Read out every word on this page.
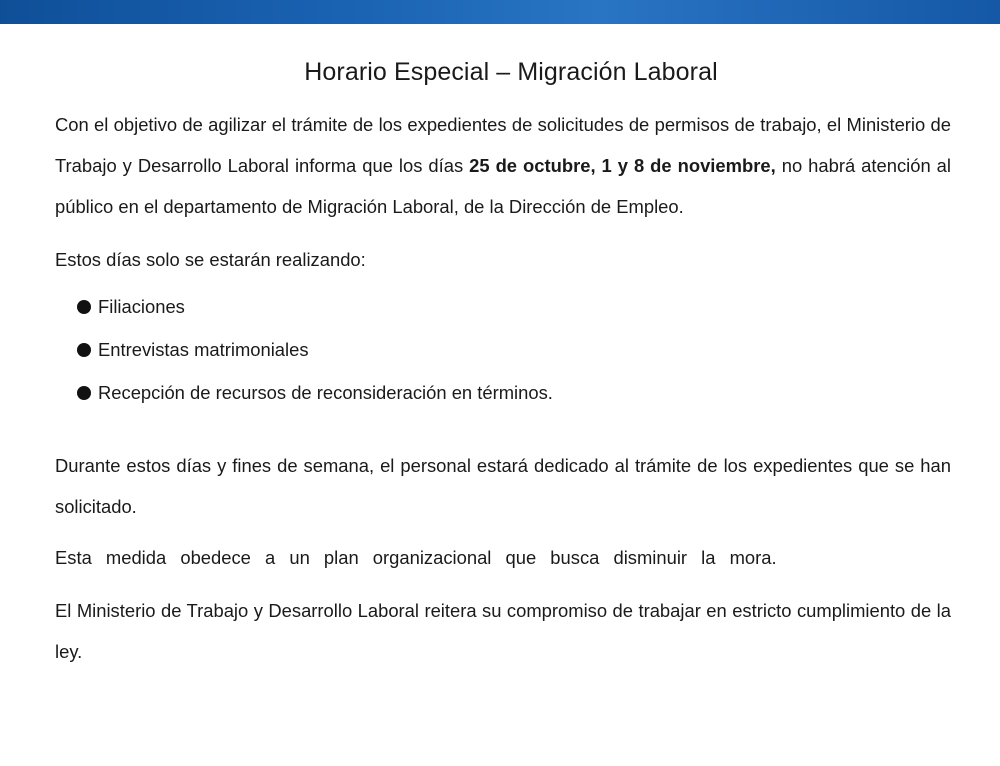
Horario Especial – Migración Laboral

Con el objetivo de agilizar el trámite de los expedientes de solicitudes de permisos de trabajo, el Ministerio de Trabajo y Desarrollo Laboral informa que los días 25 de octubre, 1 y 8 de noviembre, no habrá atención al público en el departamento de Migración Laboral, de la Dirección de Empleo.

Estos días solo se estarán realizando:

Filiaciones
Entrevistas matrimoniales
Recepción de recursos de reconsideración en términos.

Durante estos días y fines de semana, el personal estará dedicado al trámite de los expedientes que se han solicitado.

Esta medida obedece a un plan organizacional que busca disminuir la mora.

El Ministerio de Trabajo y Desarrollo Laboral reitera su compromiso de trabajar en estricto cumplimiento de la ley.
